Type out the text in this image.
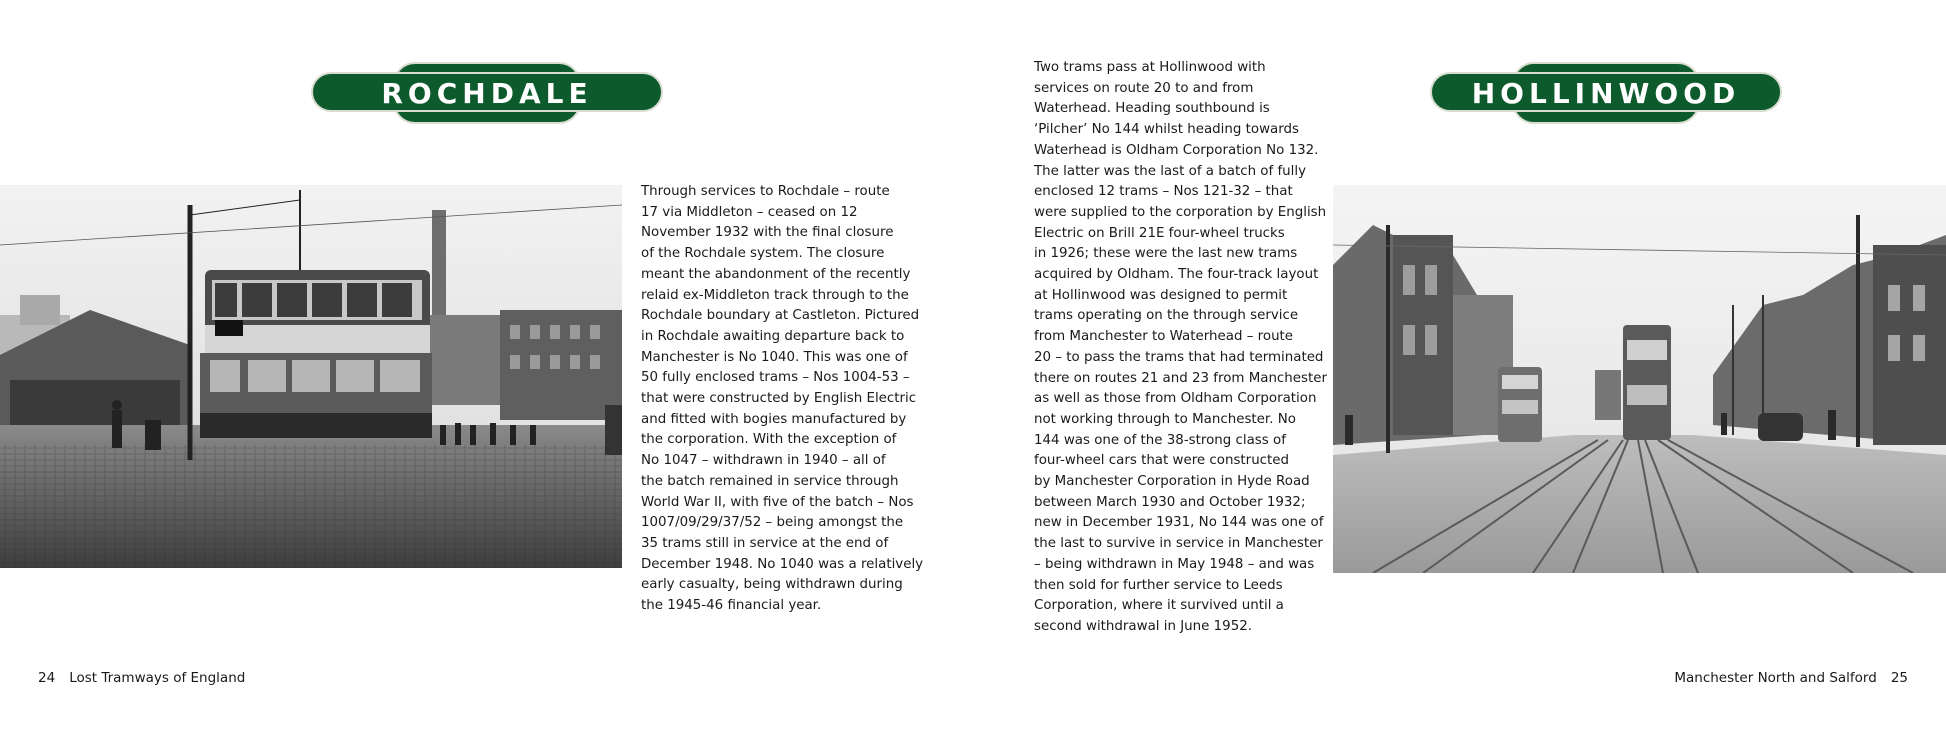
ROCHDALE

Through services to Rochdale – route
17 via Middleton – ceased on 12
November 1932 with the final closure
of the Rochdale system. The closure
meant the abandonment of the recently
relaid ex-Middleton track through to the
Rochdale boundary at Castleton. Pictured
in Rochdale awaiting departure back to
Manchester is No 1040. This was one of
50 fully enclosed trams – Nos 1004-53 –
that were constructed by English Electric
and fitted with bogies manufactured by
the corporation. With the exception of
No 1047 – withdrawn in 1940 – all of
the batch remained in service through
World War II, with five of the batch – Nos
1007/09/29/37/52 – being amongst the
35 trams still in service at the end of
December 1948. No 1040 was a relatively
early casualty, being withdrawn during
the 1945-46 financial year.

24 Lost Tramways of England

Two trams pass at Hollinwood with
services on route 20 to and from
Waterhead. Heading southbound is
‘Pilcher’ No 144 whilst heading towards
Waterhead is Oldham Corporation No 132.
The latter was the last of a batch of fully
enclosed 12 trams – Nos 121-32 – that
were supplied to the corporation by English
Electric on Brill 21E four-wheel trucks
in 1926; these were the last new trams
acquired by Oldham. The four-track layout
at Hollinwood was designed to permit
trams operating on the through service
from Manchester to Waterhead – route
20 – to pass the trams that had terminated
there on routes 21 and 23 from Manchester
as well as those from Oldham Corporation
not working through to Manchester. No
144 was one of the 38-strong class of
four-wheel cars that were constructed
by Manchester Corporation in Hyde Road
between March 1930 and October 1932;
new in December 1931, No 144 was one of
the last to survive in service in Manchester
– being withdrawn in May 1948 – and was
then sold for further service to Leeds
Corporation, where it survived until a
second withdrawal in June 1952.

HOLLINWOOD
Manchester North and Salford 25
